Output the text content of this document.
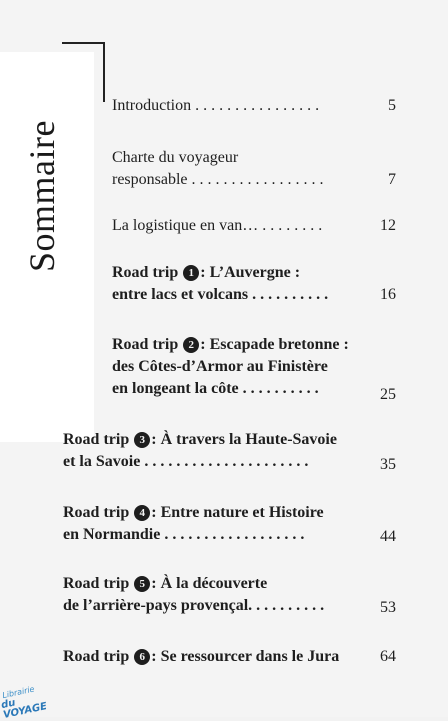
Sommaire
Introduction . . . . . . . . . . . . . . . .	5
Charte du voyageur
responsable . . . . . . . . . . . . . . . . .	7
La logistique en van… . . . . . . . .	12
Road trip 1 : L’Auvergne :
entre lacs et volcans . . . . . . . . . .	16
Road trip 2 : Escapade bretonne :
des Côtes-d’Armor au Finistère
en longeant la côte . . . . . . . . . .	25
Road trip 3 : À travers la Haute-Savoie
et la Savoie . . . . . . . . . . . . . . . . . . . . .	35
Road trip 4 : Entre nature et Histoire
en Normandie . . . . . . . . . . . . . . . . . .	44
Road trip 5 : À la découverte
de l’arrière-pays provençal. . . . . . . . . .	53
Road trip 6 : Se ressourcer dans le Jura	64
Librairie
du VOYAGE
